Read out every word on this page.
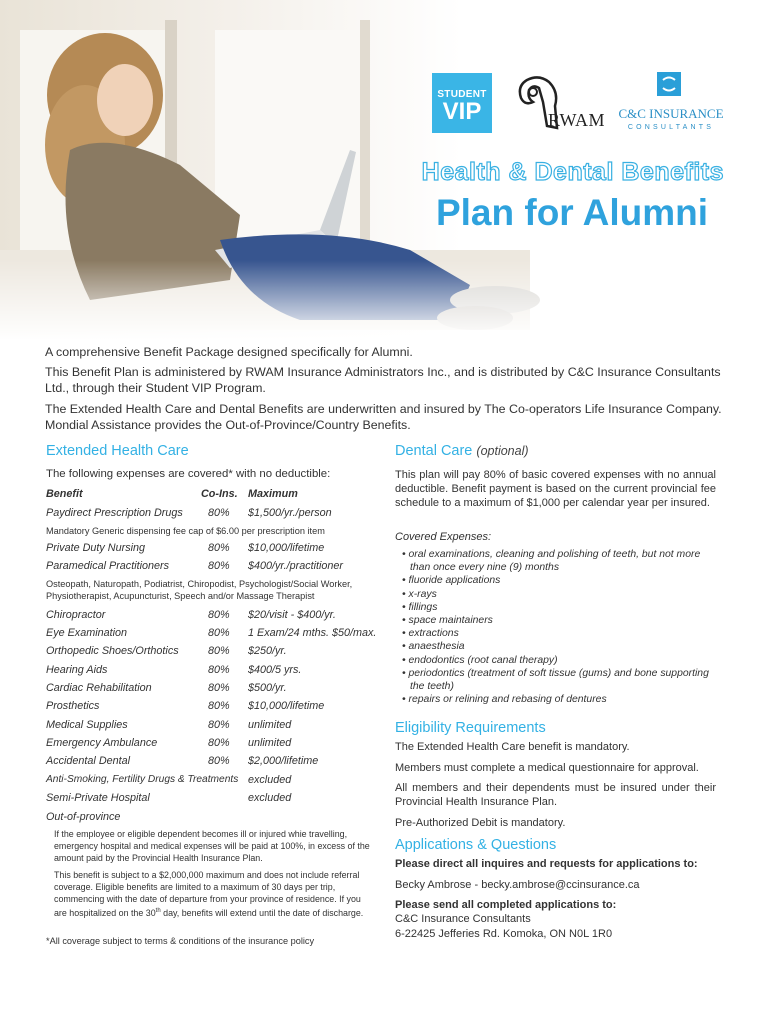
STUDENT
VIP	RWAM	C&C INSURANCE
CONSULTANTS
Health & Dental Benefits
Plan for Alumni

A comprehensive Benefit Package designed specifically for Alumni.

This Benefit Plan is administered by RWAM Insurance Administrators Inc., and is distributed by C&C Insurance Consultants Ltd., through their Student VIP Program.

The Extended Health Care and Dental Benefits are underwritten and insured by The Co-operators Life Insurance Company. Mondial Assistance provides the Out-of-Province/Country Benefits.

Extended Health Care
The following expenses are covered* with no deductible:
Benefit	Co-Ins. Maximum
Paydirect Prescription Drugs 80% $1,500/yr./person
Mandatory Generic dispensing fee cap of $6.00 per prescription item
Private Duty Nursing	80% $10,000/lifetime
Paramedical Practitioners	80% $400/yr./practitioner
Osteopath, Naturopath, Podiatrist, Chiropodist, Psychologist/Social Worker, Physiotherapist, Acupuncturist, Speech and/or Massage Therapist
Chiropractor	80% $20/visit - $400/yr.
Eye Examination	80% 1 Exam/24 mths. $50/max.
Orthopedic Shoes/Orthotics	80% $250/yr.
Hearing Aids	80% $400/5 yrs.
Cardiac Rehabilitation	80% $500/yr.
Prosthetics	80% $10,000/lifetime
Medical Supplies	80% unlimited
Emergency Ambulance	80% unlimited
Accidental Dental	80% $2,000/lifetime
Anti-Smoking, Fertility Drugs & Treatments excluded
Semi-Private Hospital	excluded
Out-of-province
If the employee or eligible dependent becomes ill or injured whie travelling, emergency hospital and medical expenses will be paid at 100%, in excess of the amount paid by the Provincial Health Insurance Plan.
This benefit is subject to a $2,000,000 maximum and does not include referral coverage. Eligible benefits are limited to a maximum of 30 days per trip, commencing with the date of departure from your province of residence. If you are hospitalized on the 30th day, benefits will extend until the date of discharge.
*All coverage subject to terms & conditions of the insurance policy
Dental Care (optional)
This plan will pay 80% of basic covered expenses with no annual deductible. Benefit payment is based on the current provincial fee schedule to a maximum of $1,000 per calendar year per insured.
Covered Expenses:
• oral examinations, cleaning and polishing of teeth, but not more than once every nine (9) months
• fluoride applications
• x-rays
• fillings
• space maintainers
• extractions
• anaesthesia
• endodontics (root canal therapy)
• periodontics (treatment of soft tissue (gums) and bone supporting the teeth)
• repairs or relining and rebasing of dentures
Eligibility Requirements
The Extended Health Care benefit is mandatory.
Members must complete a medical questionnaire for approval.
All members and their dependents must be insured under their Provincial Health Insurance Plan.
Pre-Authorized Debit is mandatory.
Applications & Questions
Please direct all inquires and requests for applications to:
Becky Ambrose - becky.ambrose@ccinsurance.ca
Please send all completed applications to:
C&C Insurance Consultants
6-22425 Jefferies Rd. Komoka, ON N0L 1R0
